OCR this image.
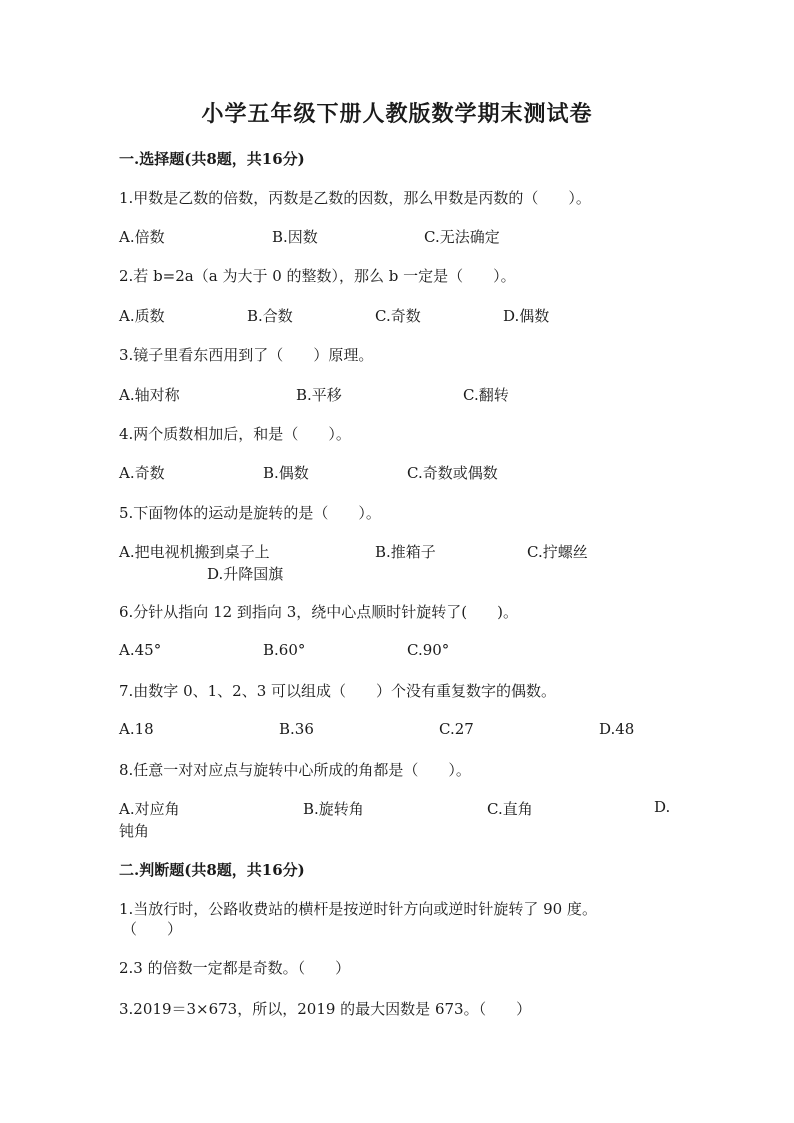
小学五年级下册人教版数学期末测试卷
一.选择题(共8题，共16分)
1.甲数是乙数的倍数，丙数是乙数的因数，那么甲数是丙数的（　　）。
A.倍数	B.因数	C.无法确定
2.若 b=2a（a 为大于 0 的整数），那么 b 一定是（　　）。
A.质数	B.合数	C.奇数	D.偶数
3.镜子里看东西用到了（　　）原理。
A.轴对称	B.平移	C.翻转
4.两个质数相加后，和是（　　）。
A.奇数	B.偶数	C.奇数或偶数
5.下面物体的运动是旋转的是（　　）。
A.把电视机搬到桌子上	B.推箱子	C.拧螺丝
D.升降国旗
6.分针从指向 12 到指向 3，绕中心点顺时针旋转了(　　)。
A.45°	B.60°	C.90°
7.由数字 0、1、2、3 可以组成（　　）个没有重复数字的偶数。
A.18	B.36	C.27	D.48
8.任意一对对应点与旋转中心所成的角都是（　　）。
A.对应角	B.旋转角	C.直角	D.
钝角
二.判断题(共8题，共16分)
1.当放行时，公路收费站的横杆是按逆时针方向或逆时针旋转了 90 度。
（　　）
2.3 的倍数一定都是奇数。（　　）
3.2019＝3×673，所以，2019 的最大因数是 673。（　　）
